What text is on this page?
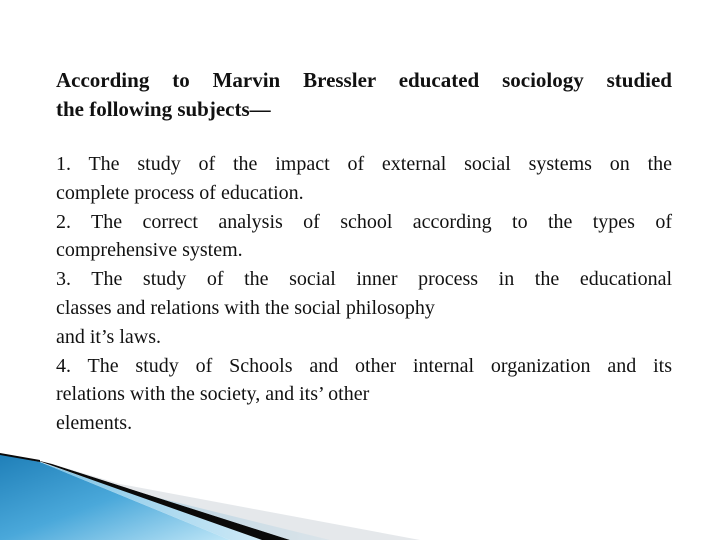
According to Marvin Bressler educated sociology studied
the following subjects—
1. The study of the impact of external social systems on the
complete process of education.
2. The correct analysis of school according to the types of
comprehensive system.
3. The study of the social inner process in the educational
classes and relations with the social philosophy
and it’s laws.
4. The study of Schools and other internal organization and its
relations with the society, and its’ other
elements.
